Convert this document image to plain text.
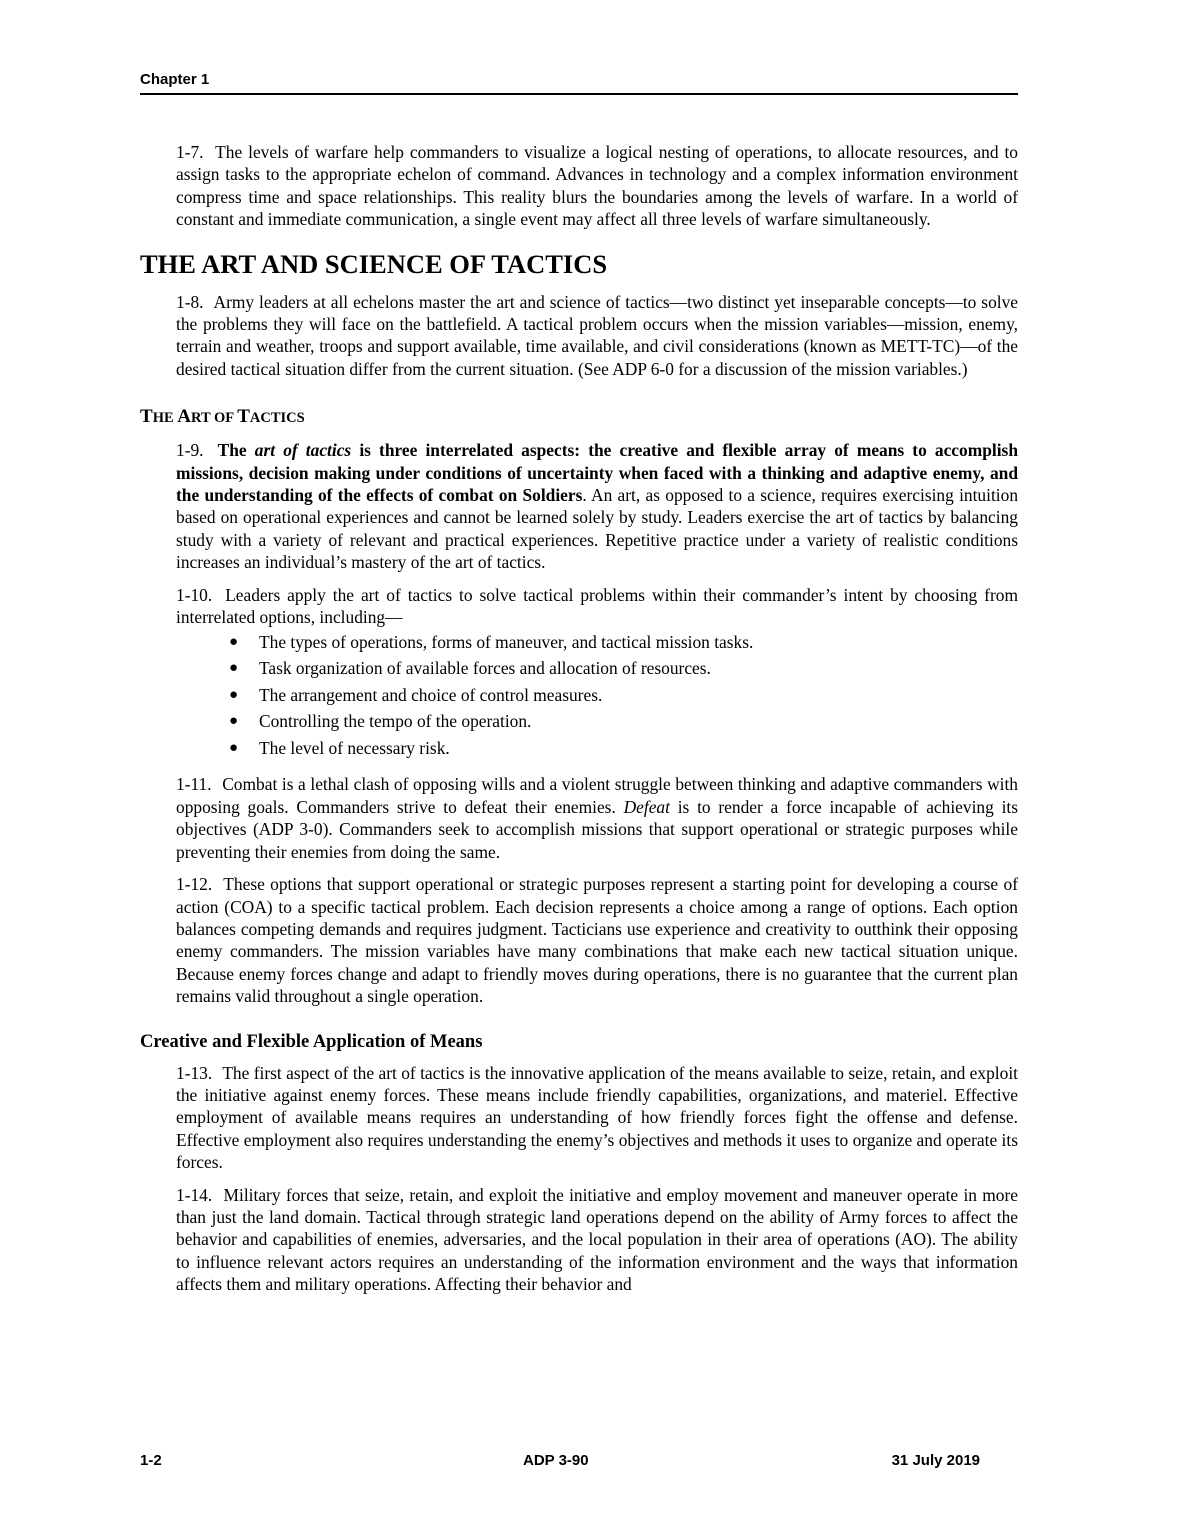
Chapter 1

1-7. The levels of warfare help commanders to visualize a logical nesting of operations, to allocate resources, and to assign tasks to the appropriate echelon of command. Advances in technology and a complex information environment compress time and space relationships. This reality blurs the boundaries among the levels of warfare. In a world of constant and immediate communication, a single event may affect all three levels of warfare simultaneously.

THE ART AND SCIENCE OF TACTICS

1-8. Army leaders at all echelons master the art and science of tactics—two distinct yet inseparable concepts—to solve the problems they will face on the battlefield. A tactical problem occurs when the mission variables—mission, enemy, terrain and weather, troops and support available, time available, and civil considerations (known as METT-TC)—of the desired tactical situation differ from the current situation. (See ADP 6-0 for a discussion of the mission variables.)

THE ART OF TACTICS

1-9. The art of tactics is three interrelated aspects: the creative and flexible array of means to accomplish missions, decision making under conditions of uncertainty when faced with a thinking and adaptive enemy, and the understanding of the effects of combat on Soldiers. An art, as opposed to a science, requires exercising intuition based on operational experiences and cannot be learned solely by study. Leaders exercise the art of tactics by balancing study with a variety of relevant and practical experiences. Repetitive practice under a variety of realistic conditions increases an individual’s mastery of the art of tactics.

1-10. Leaders apply the art of tactics to solve tactical problems within their commander’s intent by choosing from interrelated options, including—

● The types of operations, forms of maneuver, and tactical mission tasks.
● Task organization of available forces and allocation of resources.
● The arrangement and choice of control measures.
● Controlling the tempo of the operation.
● The level of necessary risk.

1-11. Combat is a lethal clash of opposing wills and a violent struggle between thinking and adaptive commanders with opposing goals. Commanders strive to defeat their enemies. Defeat is to render a force incapable of achieving its objectives (ADP 3-0). Commanders seek to accomplish missions that support operational or strategic purposes while preventing their enemies from doing the same.

1-12. These options that support operational or strategic purposes represent a starting point for developing a course of action (COA) to a specific tactical problem. Each decision represents a choice among a range of options. Each option balances competing demands and requires judgment. Tacticians use experience and creativity to outthink their opposing enemy commanders. The mission variables have many combinations that make each new tactical situation unique. Because enemy forces change and adapt to friendly moves during operations, there is no guarantee that the current plan remains valid throughout a single operation.

Creative and Flexible Application of Means

1-13. The first aspect of the art of tactics is the innovative application of the means available to seize, retain, and exploit the initiative against enemy forces. These means include friendly capabilities, organizations, and materiel. Effective employment of available means requires an understanding of how friendly forces fight the offense and defense. Effective employment also requires understanding the enemy’s objectives and methods it uses to organize and operate its forces.

1-14. Military forces that seize, retain, and exploit the initiative and employ movement and maneuver operate in more than just the land domain. Tactical through strategic land operations depend on the ability of Army forces to affect the behavior and capabilities of enemies, adversaries, and the local population in their area of operations (AO). The ability to influence relevant actors requires an understanding of the information environment and the ways that information affects them and military operations. Affecting their behavior and

1-2	ADP 3-90	31 July 2019
